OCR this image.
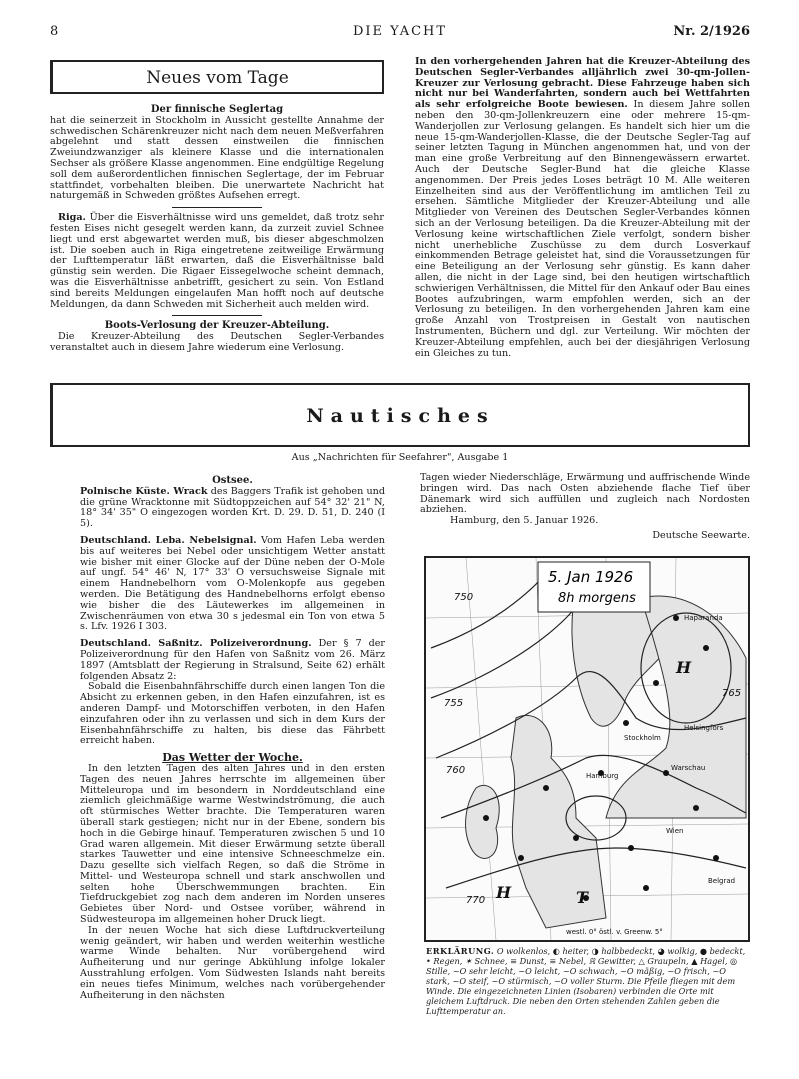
8	DIE YACHT	Nr. 2/1926
Neues vom Tage

Der finnische Seglertag

hat die seinerzeit in Stockholm in Aussicht gestellte Annahme der schwedischen Schärenkreuzer nicht nach dem neuen Meßverfahren abgelehnt und statt dessen einstweilen die finnischen Zweiundzwanziger als kleinere Klasse und die internationalen Sechser als größere Klasse angenommen. Eine endgültige Regelung soll dem außerordentlichen finnischen Seglertage, der im Februar stattfindet, vorbehalten bleiben. Die unerwartete Nachricht hat naturgemäß in Schweden größtes Aufsehen erregt.

Riga. Über die Eisverhältnisse wird uns gemeldet, daß trotz sehr festen Eises nicht gesegelt werden kann, da zurzeit zuviel Schnee liegt und erst abgewartet werden muß, bis dieser abgeschmolzen ist. Die soeben auch in Riga eingetretene zeitweilige Erwärmung der Lufttemperatur läßt erwarten, daß die Eisverhältnisse bald günstig sein werden. Die Rigaer Eissegelwoche scheint demnach, was die Eisverhältnisse anbetrifft, gesichert zu sein. Von Estland sind bereits Meldungen eingelaufen Man hofft noch auf deutsche Meldungen, da dann Schweden mit Sicherheit auch melden wird.

Boots-Verlosung der Kreuzer-Abteilung.

Die Kreuzer-Abteilung des Deutschen Segler-Verbandes veranstaltet auch in diesem Jahre wiederum eine Verlosung.

In den vorhergehenden Jahren hat die Kreuzer-Abteilung des Deutschen Segler-Verbandes alljährlich zwei 30-qm-Jollen-Kreuzer zur Verlosung gebracht. Diese Fahrzeuge haben sich nicht nur bei Wanderfahrten, sondern auch bei Wettfahrten als sehr erfolgreiche Boote bewiesen. In diesem Jahre sollen neben den 30-qm-Jollenkreuzern eine oder mehrere 15-qm-Wanderjollen zur Verlosung gelangen. Es handelt sich hier um die neue 15-qm-Wanderjollen-Klasse, die der Deutsche Segler-Tag auf seiner letzten Tagung in München angenommen hat, und von der man eine große Verbreitung auf den Binnengewässern erwartet. Auch der Deutsche Segler-Bund hat die gleiche Klasse angenommen. Der Preis jedes Loses beträgt 10 M. Alle weiteren Einzelheiten sind aus der Veröffentlichung im amtlichen Teil zu ersehen. Sämtliche Mitglieder der Kreuzer-Abteilung und alle Mitglieder von Vereinen des Deutschen Segler-Verbandes können sich an der Verlosung beteiligen. Da die Kreuzer-Abteilung mit der Verlosung keine wirtschaftlichen Ziele verfolgt, sondern bisher nicht unerhebliche Zuschüsse zu dem durch Losverkauf einkommenden Betrage geleistet hat, sind die Voraussetzungen für eine Beteiligung an der Verlosung sehr günstig. Es kann daher allen, die nicht in der Lage sind, bei den heutigen wirtschaftlich schwierigen Verhältnissen, die Mittel für den Ankauf oder Bau eines Bootes aufzubringen, warm empfohlen werden, sich an der Verlosung zu beteiligen. In den vorhergehenden Jahren kam eine große Anzahl von Trostpreisen in Gestalt von nautischen Instrumenten, Büchern und dgl. zur Verteilung. Wir möchten der Kreuzer-Abteilung empfehlen, auch bei der diesjährigen Verlosung ein Gleiches zu tun.

Nautisches
Aus „Nachrichten für Seefahrer", Ausgabe 1

Ostsee.

Polnische Küste. Wrack des Baggers Trafik ist gehoben und die grüne Wracktonne mit Südtoppzeichen auf 54° 32' 21" N, 18° 34' 35" O eingezogen worden Krt. D. 29. D. 51, D. 240 (I 5).

Deutschland. Leba. Nebelsignal. Vom Hafen Leba werden bis auf weiteres bei Nebel oder unsichtigem Wetter anstatt wie bisher mit einer Glocke auf der Düne neben der O-Mole auf ungf. 54° 46' N, 17° 33' O versuchsweise Signale mit einem Handnebelhorn vom O-Molenkopfe aus gegeben werden. Die Betätigung des Handnebelhorns erfolgt ebenso wie bisher die des Läutewerkes im allgemeinen in Zwischenräumen von etwa 30 s jedesmal ein Ton von etwa 5 s. Lfv. 1926 I 303.

Deutschland. Saßnitz. Polizeiverordnung. Der § 7 der Polizeiverordnung für den Hafen von Saßnitz vom 26. März 1897 (Amtsblatt der Regierung in Stralsund, Seite 62) erhält folgenden Absatz 2:

Sobald die Eisenbahnfährschiffe durch einen langen Ton die Absicht zu erkennen geben, in den Hafen einzufahren, ist es anderen Dampf- und Motorschiffen verboten, in den Hafen einzufahren oder ihn zu verlassen und sich in dem Kurs der Eisenbahnfährschiffe zu halten, bis diese das Fährbett erreicht haben.

Das Wetter der Woche.

In den letzten Tagen des alten Jahres und in den ersten Tagen des neuen Jahres herrschte im allgemeinen über Mitteleuropa und im besondern in Norddeutschland eine ziemlich gleichmäßige warme Westwindströmung, die auch oft stürmisches Wetter brachte. Die Temperaturen waren überall stark gestiegen; nicht nur in der Ebene, sondern bis hoch in die Gebirge hinauf. Temperaturen zwischen 5 und 10 Grad waren allgemein. Mit dieser Erwärmung setzte überall starkes Tauwetter und eine intensive Schneeschmelze ein. Dazu gesellte sich vielfach Regen, so daß die Ströme in Mittel- und Westeuropa schnell und stark anschwollen und selten hohe Überschwemmungen brachten. Ein Tiefdruckgebiet zog nach dem anderen im Norden unseres Gebietes über Nord- und Ostsee vorüber, während in Südwesteuropa im allgemeinen hoher Druck liegt.

In der neuen Woche hat sich diese Luftdruckverteilung wenig geändert, wir haben und werden weiterhin westliche warme Winde behalten. Nur vorübergehend wird Aufheiterung und nur geringe Abkühlung infolge lokaler Ausstrahlung erfolgen. Vom Südwesten Islands naht bereits ein neues tiefes Minimum, welches nach vorübergehender Aufheiterung in den nächsten

Tagen wieder Niederschläge, Erwärmung und auffrischende Winde bringen wird. Das nach Osten abziehende flache Tief über Dänemark wird sich auffüllen und zugleich nach Nordosten abziehen.

Hamburg, den 5. Januar 1926.

Deutsche Seewarte.

5. Jan 1926
8h morgens
750
755
760
765
770
H
H	T
Haparanda
Helsingfors
Stockholm
Hamburg
Warschau
Wien
Belgrad
westl. 0° östl. v. Greenw. 5°
ERKLÄRUNG. O wolkenlos, ◐ heiter, ◑ halbbedeckt, ◕ wolkig, ● bedeckt, • Regen, ✶ Schnee, ≡ Dunst, ≡ Nebel, ℝ Gewitter, △ Graupeln, ▲ Hagel, ◎ Stille, ~O sehr leicht, ~O leicht, ~O schwach, ~O mäßig, ~O frisch, ~O stark, ~O steif, ~O stürmisch, ~O voller Sturm. Die Pfeile fliegen mit dem Winde. Die eingezeichneten Linien (Isobaren) verbinden die Orte mit gleichem Luftdruck. Die neben den Orten stehenden Zahlen geben die Lufttemperatur an.
